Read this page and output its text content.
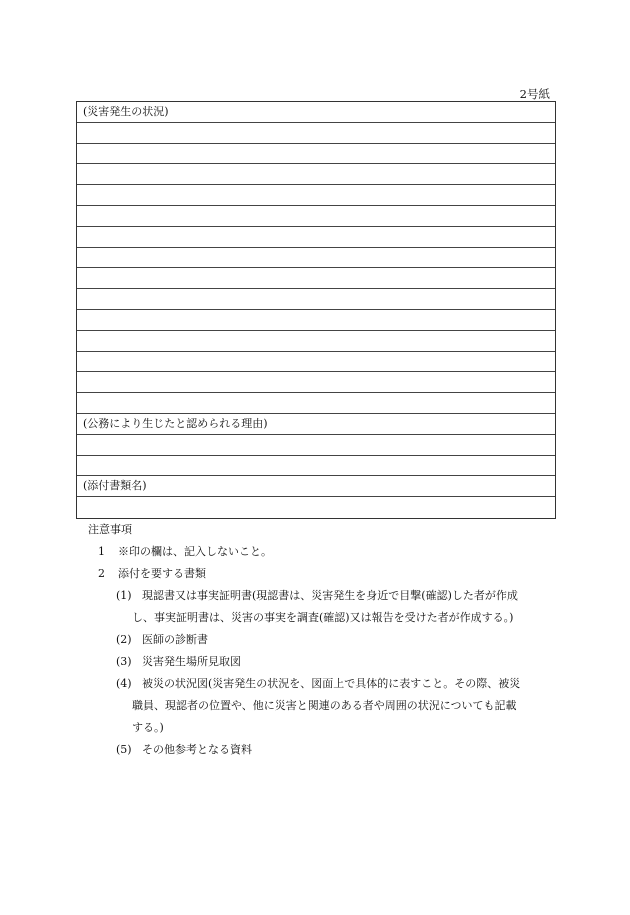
2号紙
(災害発生の状況)
(公務により生じたと認められる理由)
(添付書類名)
注意事項
1 ※印の欄は、記入しないこと。
2 添付を要する書類
(1) 現認書又は事実証明書(現認書は、災害発生を身近で目撃(確認)した者が作成
し、事実証明書は、災害の事実を調査(確認)又は報告を受けた者が作成する。)
(2) 医師の診断書
(3) 災害発生場所見取図
(4) 被災の状況図(災害発生の状況を、図面上で具体的に表すこと。その際、被災
職員、現認者の位置や、他に災害と関連のある者や周囲の状況についても記載
する。)
(5) その他参考となる資料
